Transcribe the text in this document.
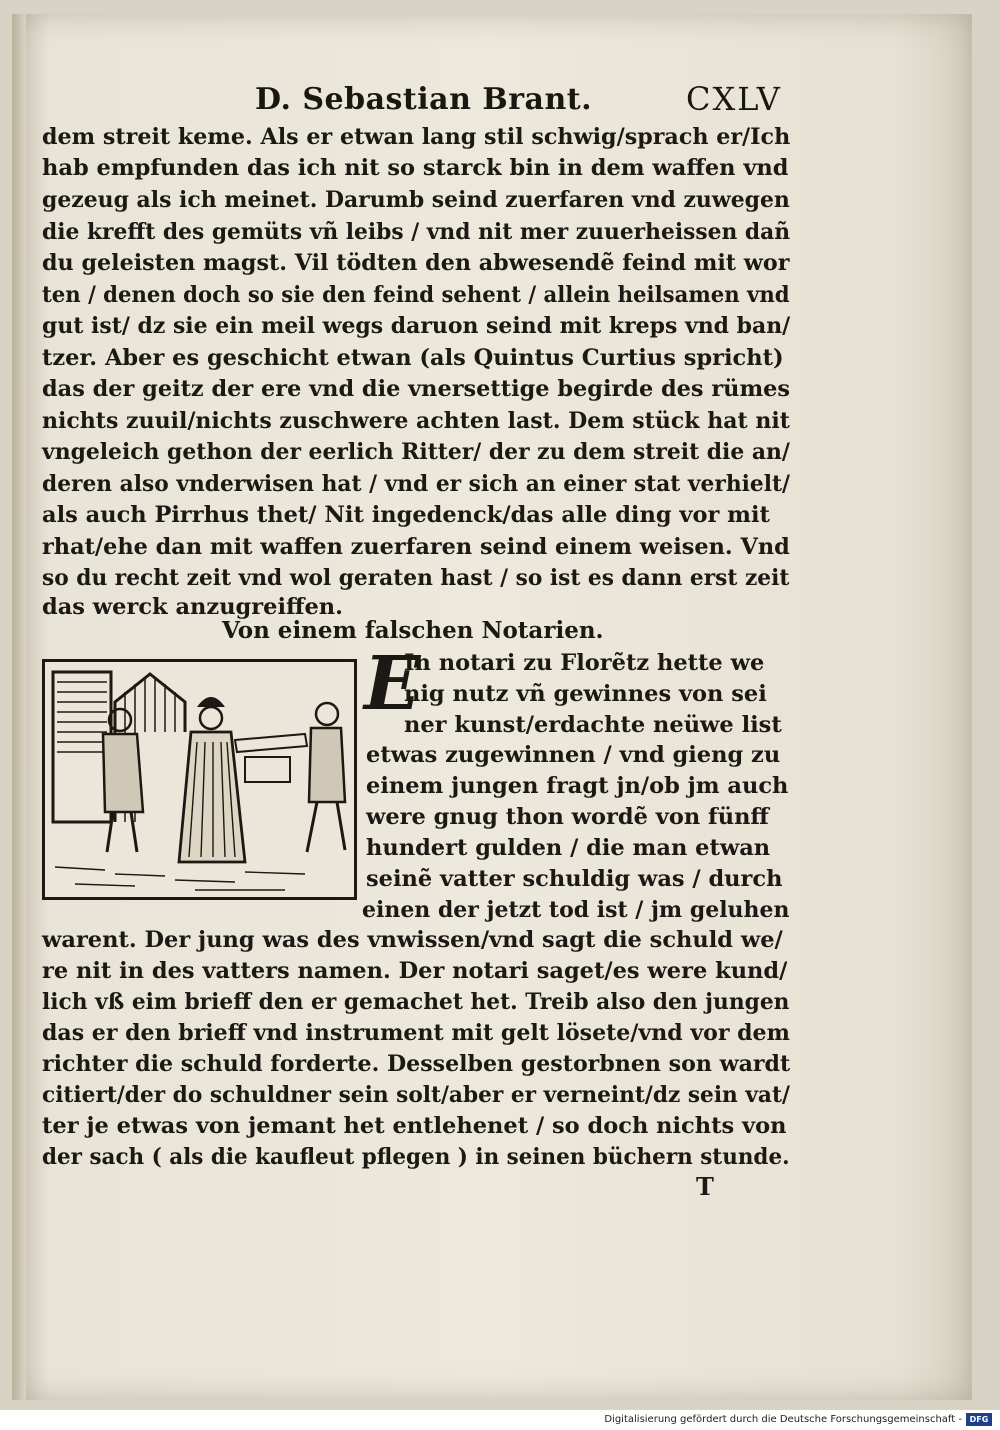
D. Sebastian Brant.	CXLV

dem streit keme. Als er etwan lang stil schwig/sprach er/Ich

hab empfunden das ich nit so starck bin in dem waffen vnd

gezeug als ich meinet. Darumb seind zuerfaren vnd zuwegen

die krefft des gemüts vñ leibs / vnd nit mer zuuerheissen dañ

du geleisten magst. Vil tödten den abwesendẽ feind mit wor

ten / denen doch so sie den feind sehent / allein heilsamen vnd

gut ist/ dz sie ein meil wegs daruon seind mit kreps vnd ban/

tzer. Aber es geschicht etwan (als Quintus Curtius spricht)

das der geitz der ere vnd die vnersettige begirde des rümes

nichts zuuil/nichts zuschwere achten last. Dem stück hat nit

vngeleich gethon der eerlich Ritter/ der zu dem streit die an/

deren also vnderwisen hat / vnd er sich an einer stat verhielt/

als auch Pirrhus thet/ Nit ingedenck/das alle ding vor mit

rhat/ehe dan mit waffen zuerfaren seind einem weisen. Vnd

so du recht zeit vnd wol geraten hast / so ist es dann erst zeit

das werck anzugreiffen.

Von einem falschen Notarien.
E

In notari zu Florẽtz hette we

nig nutz vñ gewinnes von sei

ner kunst/erdachte neüwe list

etwas zugewinnen / vnd gieng zu

einem jungen fragt jn/ob jm auch

were gnug thon wordẽ von fünff

hundert gulden / die man etwan

seinẽ vatter schuldig was / durch

einen der jetzt tod ist / jm geluhen

warent. Der jung was des vnwissen/vnd sagt die schuld we/

re nit in des vatters namen. Der notari saget/es were kund/

lich vß eim brieff den er gemachet het. Treib also den jungen

das er den brieff vnd instrument mit gelt lösete/vnd vor dem

richter die schuld forderte. Desselben gestorbnen son wardt

citiert/der do schuldner sein solt/aber er verneint/dz sein vat/

ter je etwas von jemant het entlehenet / so doch nichts von

der sach ( als die kaufleut pflegen ) in seinen büchern stunde.

T
Digitalisierung gefördert durch die Deutsche Forschungsgemeinschaft - DFG
